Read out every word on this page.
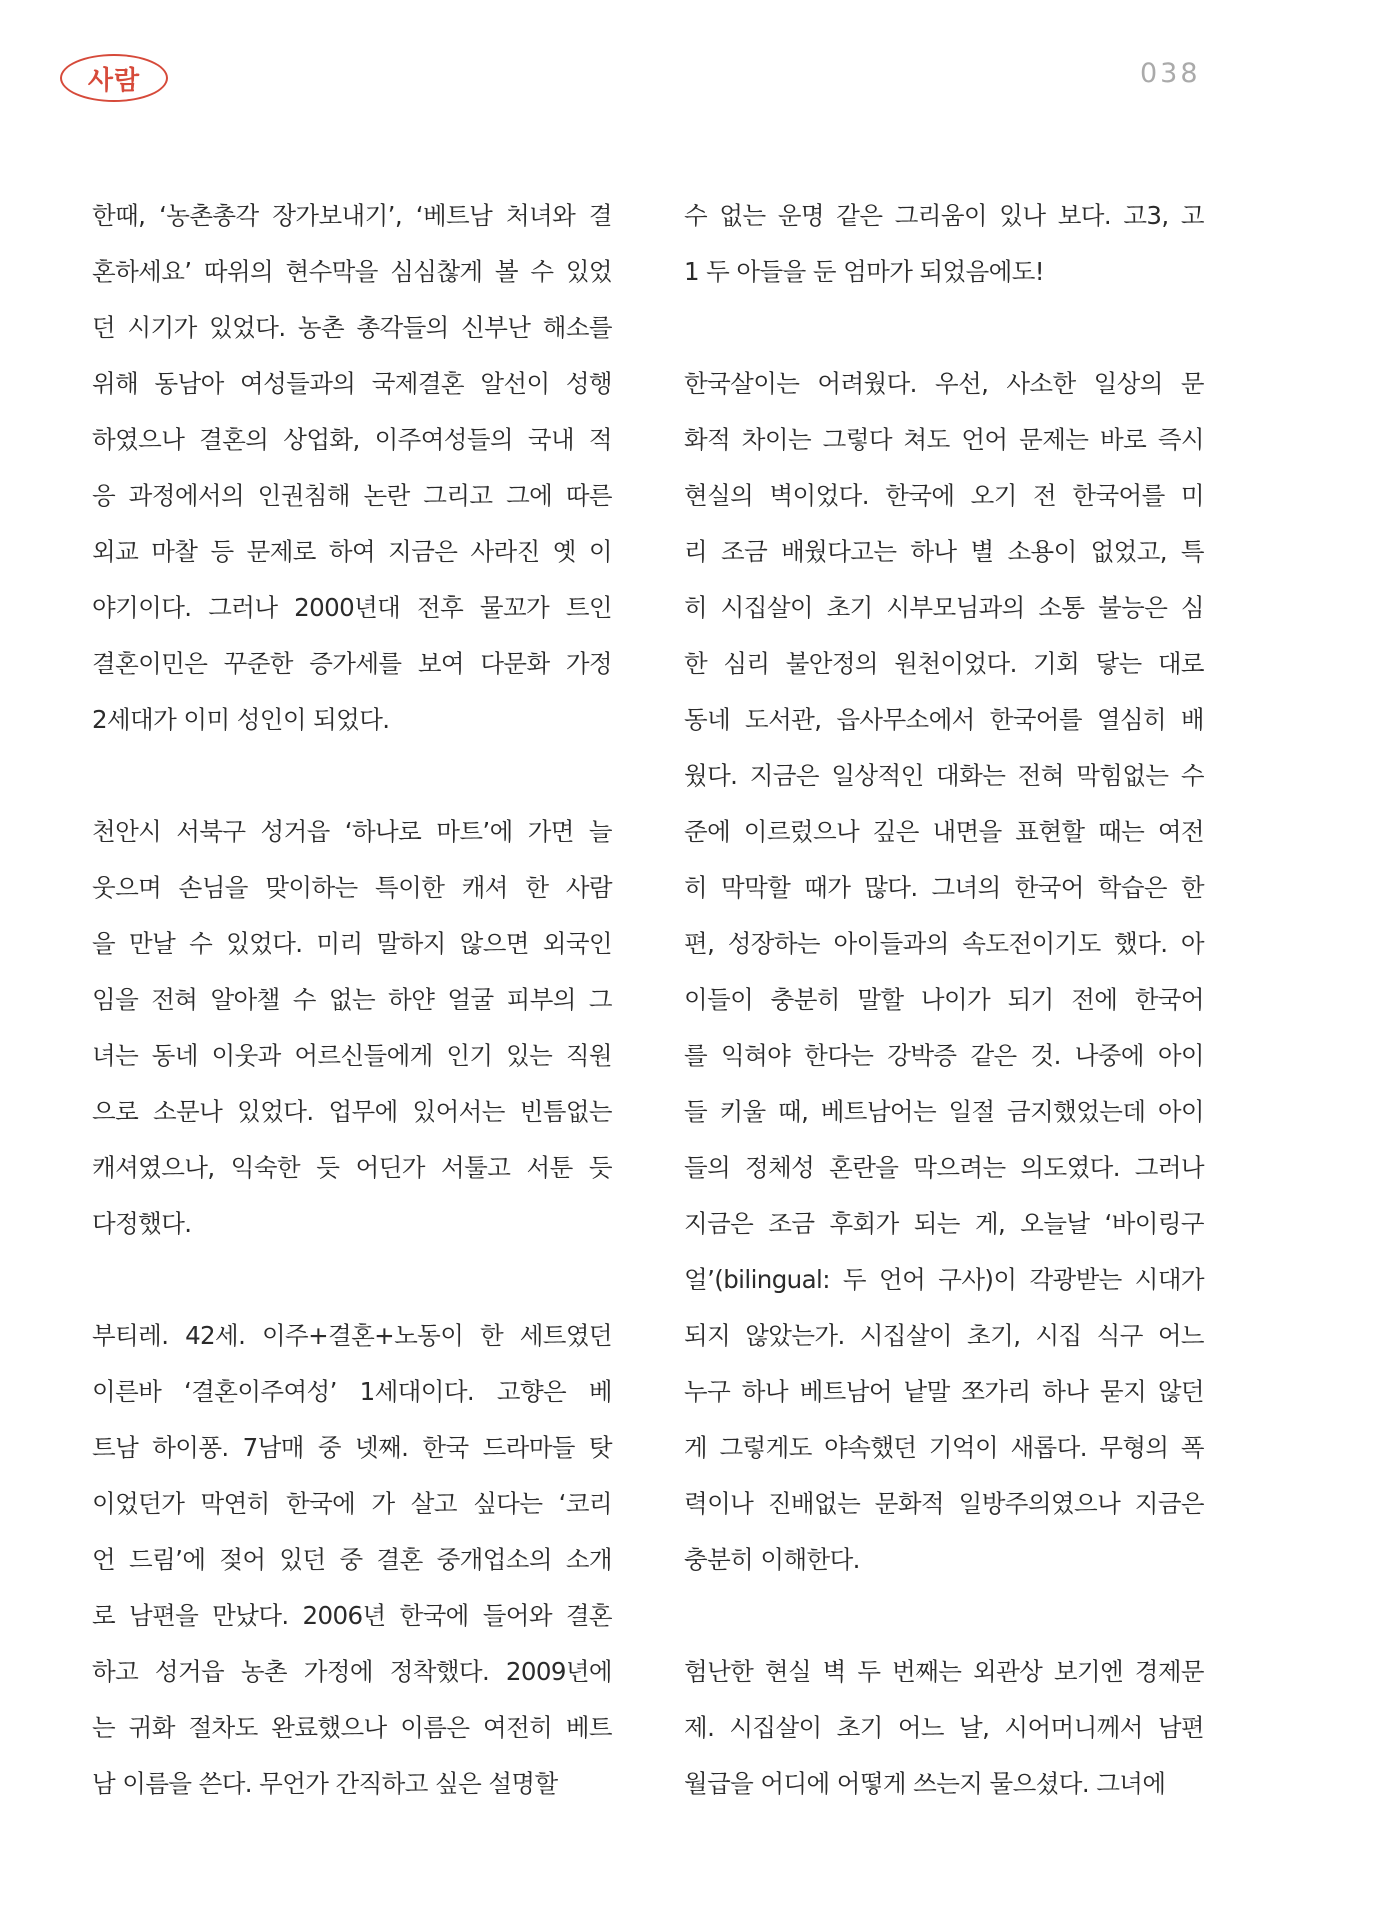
사람	038
한때, ‘농촌총각 장가보내기’, ‘베트남 처녀와 결
혼하세요’ 따위의 현수막을 심심찮게 볼 수 있었
던 시기가 있었다. 농촌 총각들의 신부난 해소를
위해 동남아 여성들과의 국제결혼 알선이 성행
하였으나 결혼의 상업화, 이주여성들의 국내 적
응 과정에서의 인권침해 논란 그리고 그에 따른
외교 마찰 등 문제로 하여 지금은 사라진 옛 이
야기이다. 그러나 2000년대 전후 물꼬가 트인
결혼이민은 꾸준한 증가세를 보여 다문화 가정
2세대가 이미 성인이 되었다.
천안시 서북구 성거읍 ‘하나로 마트’에 가면 늘
웃으며 손님을 맞이하는 특이한 캐셔 한 사람
을 만날 수 있었다. 미리 말하지 않으면 외국인
임을 전혀 알아챌 수 없는 하얀 얼굴 피부의 그
녀는 동네 이웃과 어르신들에게 인기 있는 직원
으로 소문나 있었다. 업무에 있어서는 빈틈없는
캐셔였으나, 익숙한 듯 어딘가 서툴고 서툰 듯
다정했다.
부티레. 42세. 이주+결혼+노동이 한 세트였던
이른바 ‘결혼이주여성’ 1세대이다. 고향은 베
트남 하이퐁. 7남매 중 넷째. 한국 드라마들 탓
이었던가 막연히 한국에 가 살고 싶다는 ‘코리
언 드림’에 젖어 있던 중 결혼 중개업소의 소개
로 남편을 만났다. 2006년 한국에 들어와 결혼
하고 성거읍 농촌 가정에 정착했다. 2009년에
는 귀화 절차도 완료했으나 이름은 여전히 베트
남 이름을 쓴다. 무언가 간직하고 싶은 설명할
수 없는 운명 같은 그리움이 있나 보다. 고3, 고
1 두 아들을 둔 엄마가 되었음에도!
한국살이는 어려웠다. 우선, 사소한 일상의 문
화적 차이는 그렇다 쳐도 언어 문제는 바로 즉시
현실의 벽이었다. 한국에 오기 전 한국어를 미
리 조금 배웠다고는 하나 별 소용이 없었고, 특
히 시집살이 초기 시부모님과의 소통 불능은 심
한 심리 불안정의 원천이었다. 기회 닿는 대로
동네 도서관, 읍사무소에서 한국어를 열심히 배
웠다. 지금은 일상적인 대화는 전혀 막힘없는 수
준에 이르렀으나 깊은 내면을 표현할 때는 여전
히 막막할 때가 많다. 그녀의 한국어 학습은 한
편, 성장하는 아이들과의 속도전이기도 했다. 아
이들이 충분히 말할 나이가 되기 전에 한국어
를 익혀야 한다는 강박증 같은 것. 나중에 아이
들 키울 때, 베트남어는 일절 금지했었는데 아이
들의 정체성 혼란을 막으려는 의도였다. 그러나
지금은 조금 후회가 되는 게, 오늘날 ‘바이링구
얼’(bilingual: 두 언어 구사)이 각광받는 시대가
되지 않았는가. 시집살이 초기, 시집 식구 어느
누구 하나 베트남어 낱말 쪼가리 하나 묻지 않던
게 그렇게도 야속했던 기억이 새롭다. 무형의 폭
력이나 진배없는 문화적 일방주의였으나 지금은
충분히 이해한다.
험난한 현실 벽 두 번째는 외관상 보기엔 경제문
제. 시집살이 초기 어느 날, 시어머니께서 남편
월급을 어디에 어떻게 쓰는지 물으셨다. 그녀에
